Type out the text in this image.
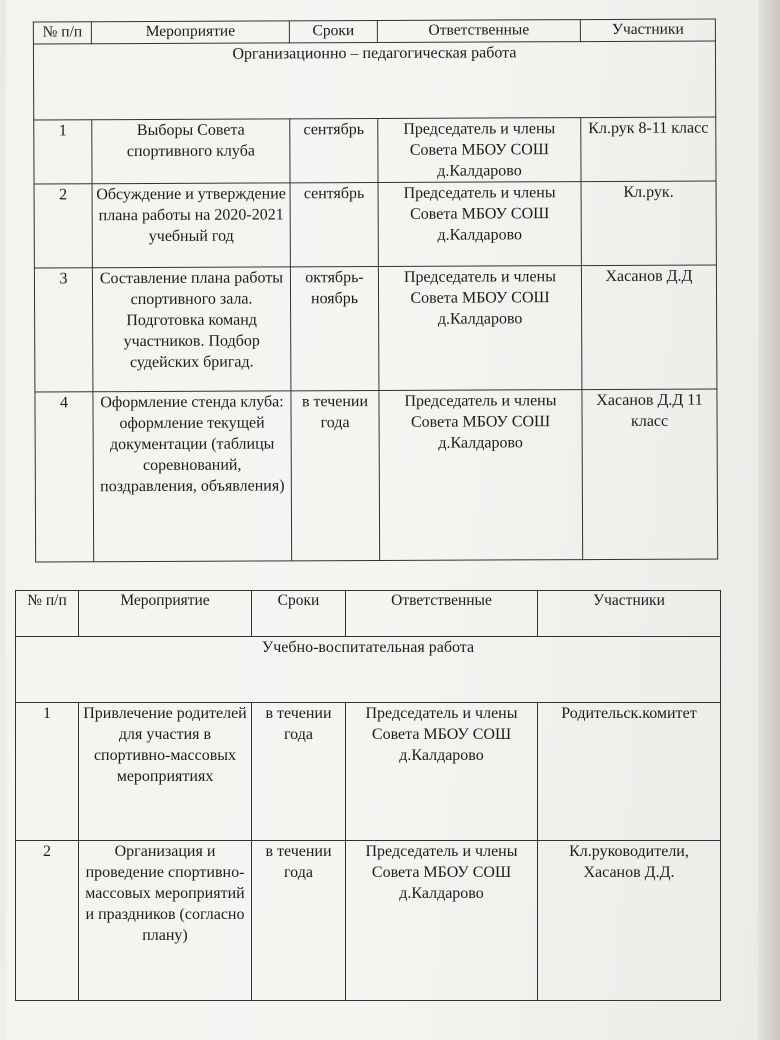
№ п/п	Мероприятие	Сроки	Ответственные	Участники
Организационно – педагогическая работа				
1	Выборы Совета спортивного клуба	сентябрь	Председатель и члены Совета МБОУ СОШ д.Калдарово	Кл.рук 8-11 класс
2	Обсуждение и утверждение плана работы на 2020-2021 учебный год	сентябрь	Председатель и члены Совета МБОУ СОШ д.Калдарово	Кл.рук.
3	Составление плана работы спортивного зала. Подготовка команд участников. Подбор судейских бригад.	октябрь-ноябрь	Председатель и члены Совета МБОУ СОШ д.Калдарово	Хасанов Д.Д
4	Оформление стенда клуба: оформление текущей документации (таблицы соревнований, поздравления, объявления)	в течении года	Председатель и члены Совета МБОУ СОШ д.Калдарово	Хасанов Д.Д 11 класс
№ п/п	Мероприятие	Сроки	Ответственные	Участники
Учебно-воспитательная работа				
1	Привлечение родителей для участия в спортивно-массовых мероприятиях	в течении года	Председатель и члены Совета МБОУ СОШ д.Калдарово	Родительск.комитет
2	Организация и проведение спортивно-массовых мероприятий и праздников (согласно плану)	в течении года	Председатель и члены Совета МБОУ СОШ д.Калдарово	Кл.руководители, Хасанов Д.Д.
